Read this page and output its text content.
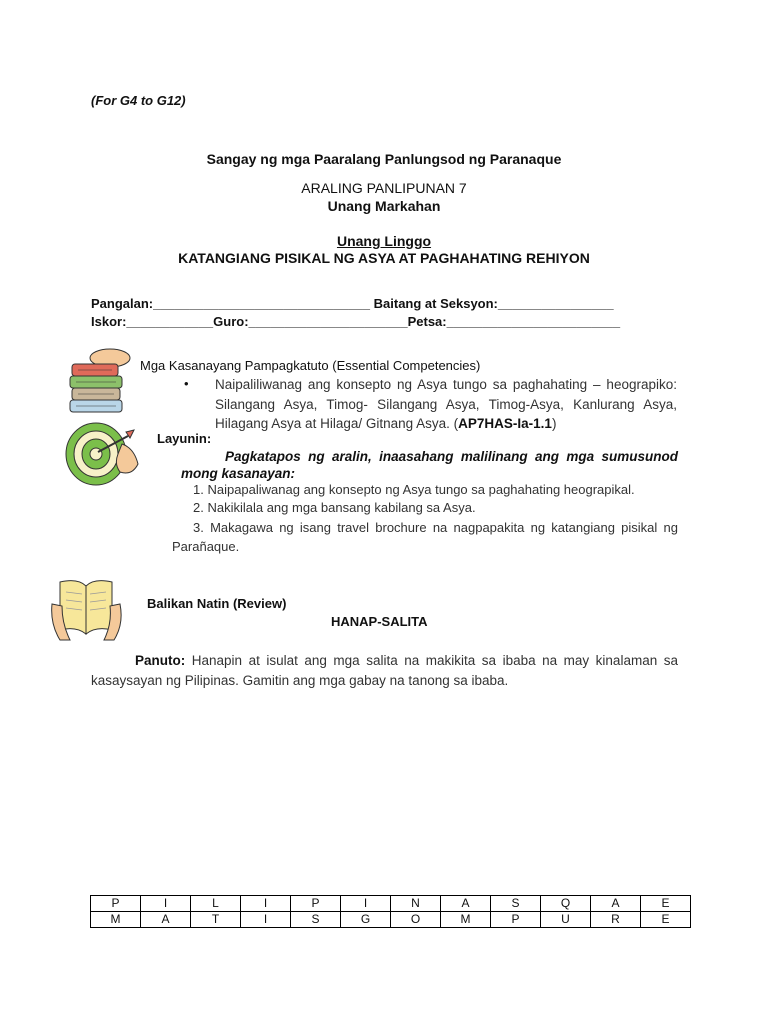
(For G4 to G12)
Sangay ng mga Paaralang Panlungsod ng Paranaque
ARALING PANLIPUNAN 7
Unang Markahan
Unang Linggo
KATANGIANG PISIKAL NG ASYA AT PAGHAHATING REHIYON
Pangalan:______________________________ Baitang at Seksyon:________________
Iskor:____________Guro:______________________Petsa:________________________
Mga Kasanayang Pampagkatuto (Essential Competencies)
• Naipaliliwanag ang konsepto ng Asya tungo sa paghahating – heograpiko: Silangang Asya, Timog- Silangang Asya, Timog-Asya, Kanlurang Asya, Hilagang Asya at Hilaga/ Gitnang Asya. (AP7HAS-Ia-1.1)
Layunin:
Pagkatapos ng aralin, inaasahang malilinang ang mga sumusunod mong kasanayan:
1. Naipapaliwanag ang konsepto ng Asya tungo sa paghahating heograpikal.
2. Nakikilala ang mga bansang kabilang sa Asya.
3. Makagawa ng isang travel brochure na nagpapakita ng katangiang pisikal ng Parañaque.
Balikan Natin (Review)
HANAP-SALITA
Panuto: Hanapin at isulat ang mga salita na makikita sa ibaba na may kinalaman sa kasaysayan ng Pilipinas. Gamitin ang mga gabay na tanong sa ibaba.
P	I	L	I	P	I	N	A	S	Q	A	E
M	A	T	I	S	G	O	M	P	U	R	E
